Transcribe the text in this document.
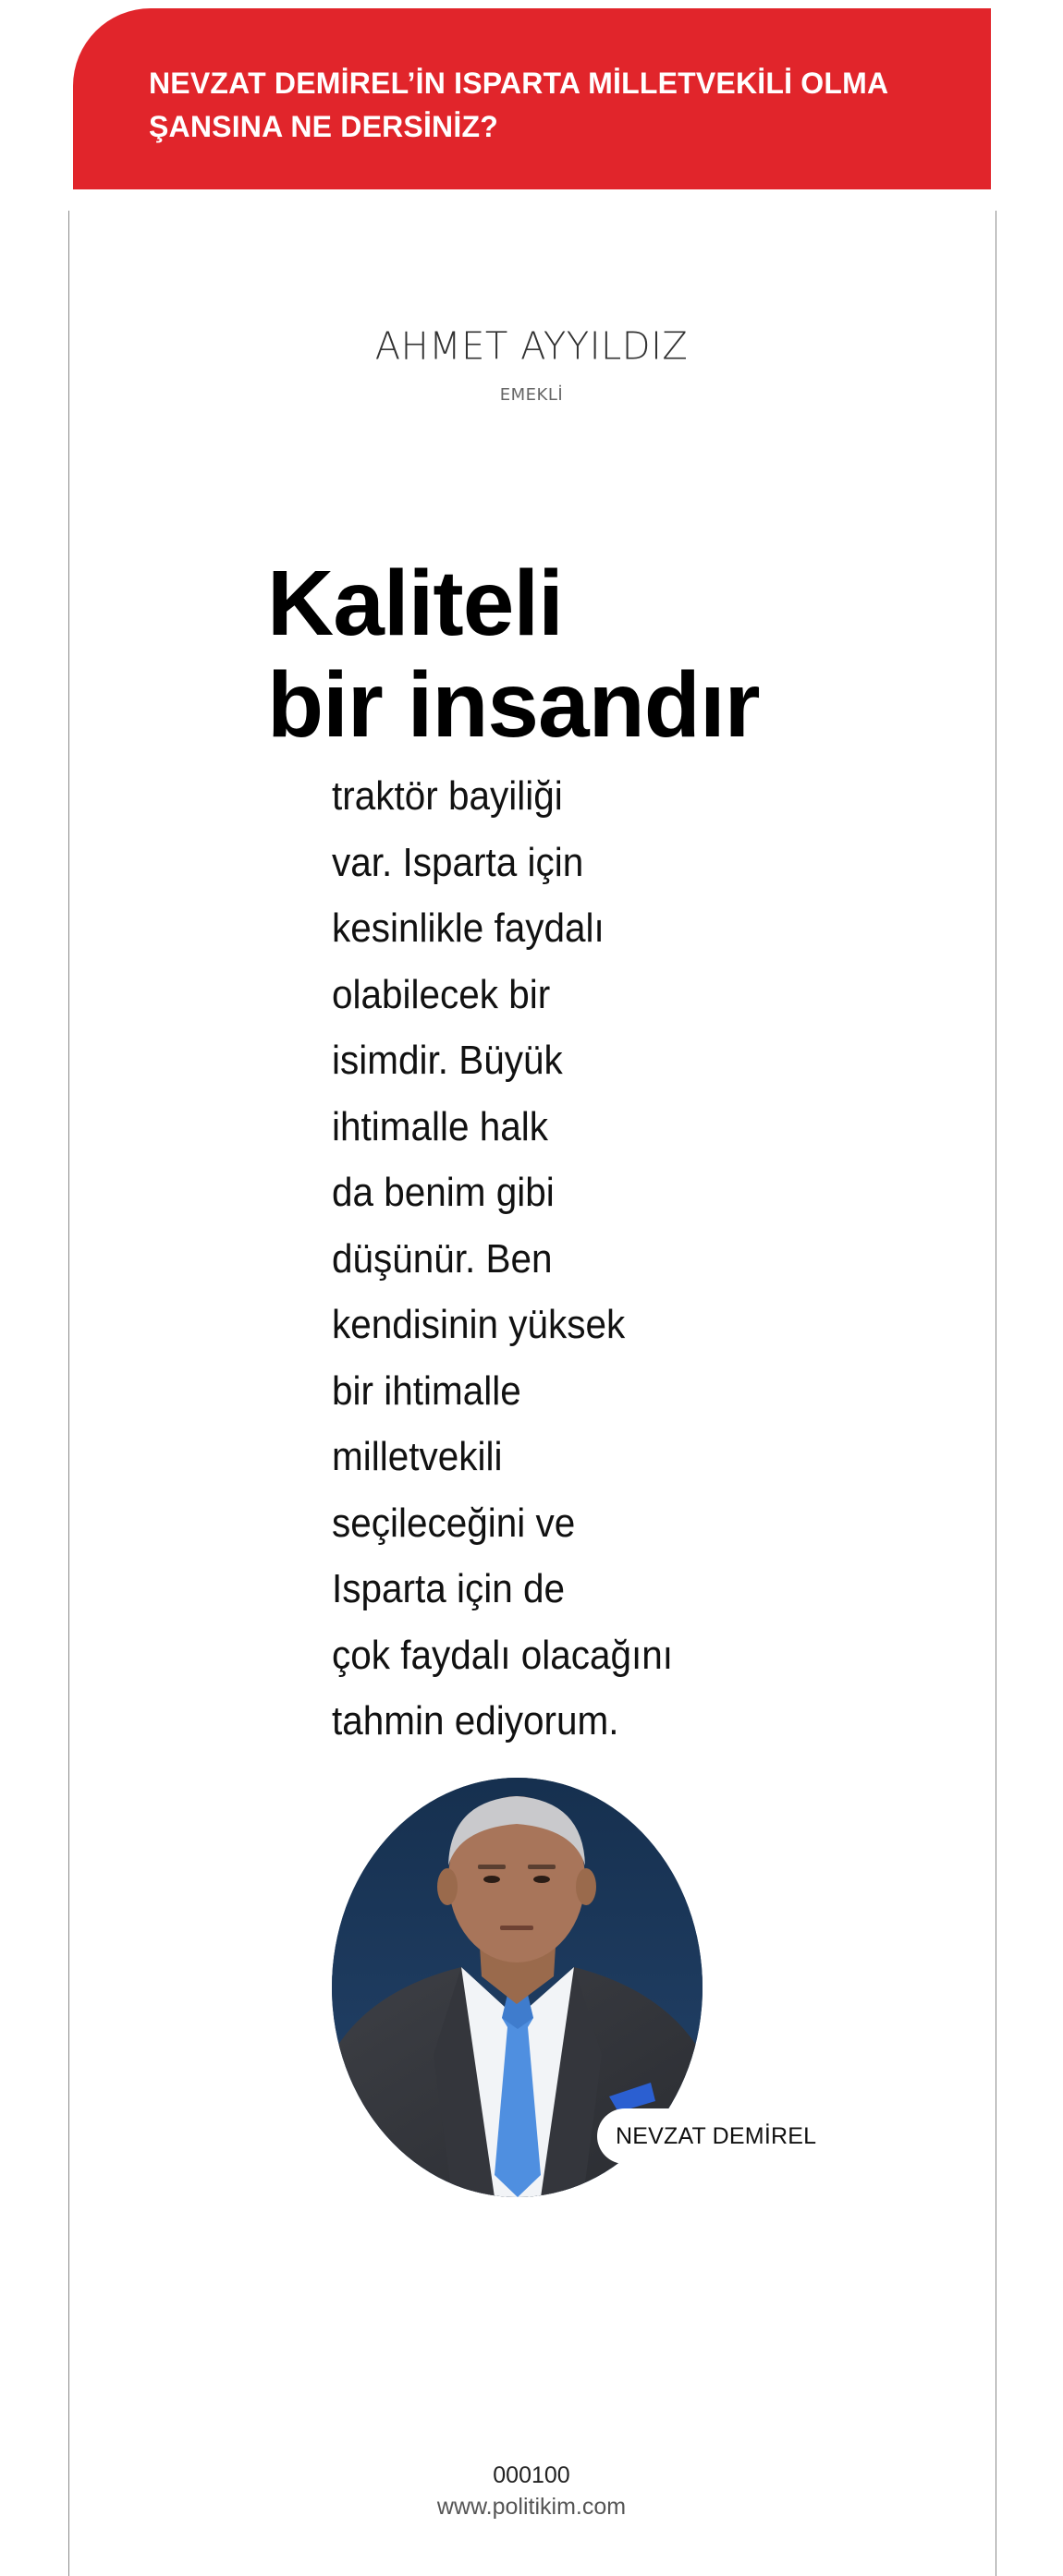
NEVZAT DEMİREL’İN ISPARTA MİLLETVEKİLİ OLMA
ŞANSINA NE DERSİNİZ?
AHMET AYYILDIZ
EMEKLİ
Kaliteli
bir insandır
traktör bayiliği
var. Isparta için
kesinlikle faydalı
olabilecek bir
isimdir. Büyük
ihtimalle halk
da benim gibi
düşünür. Ben
kendisinin yüksek
bir ihtimalle
milletvekili
seçileceğini ve
Isparta için de
çok faydalı olacağını
tahmin ediyorum.
NEVZAT DEMİREL
000100
www.politikim.com
